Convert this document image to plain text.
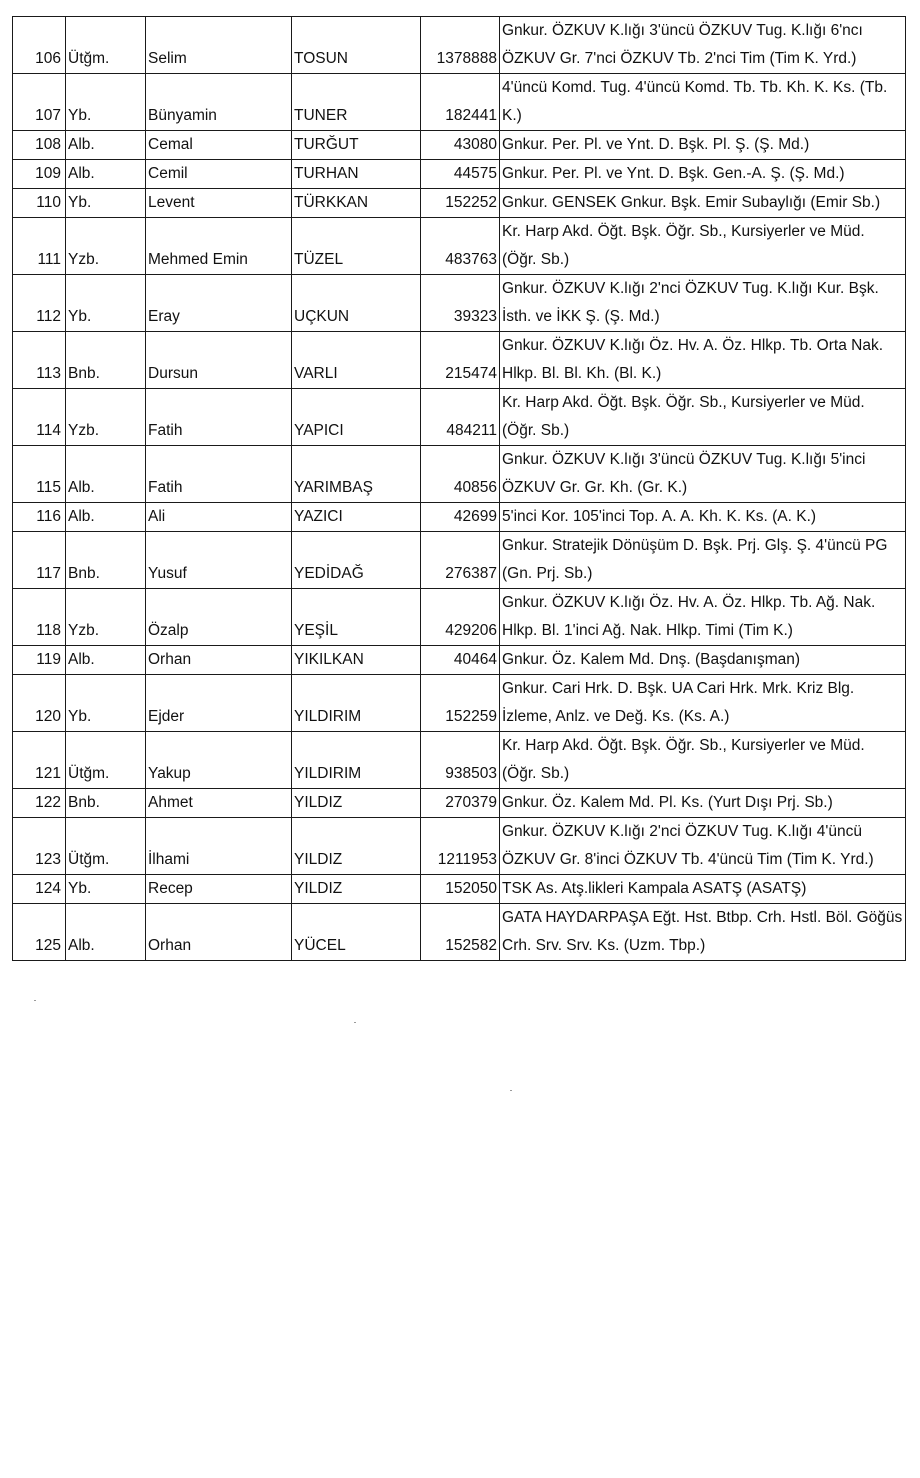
106	Ütğm.	Selim	TOSUN	1378888	Gnkur. ÖZKUV K.lığı 3'üncü ÖZKUV Tug. K.lığı 6'ncı ÖZKUV Gr. 7'nci ÖZKUV Tb. 2'nci Tim (Tim K. Yrd.)
107	Yb.	Bünyamin	TUNER	182441	4'üncü Komd. Tug. 4'üncü Komd. Tb. Tb. Kh. K. Ks. (Tb. K.)
108	Alb.	Cemal	TURĞUT	43080	Gnkur. Per. Pl. ve Ynt. D. Bşk. Pl. Ş. (Ş. Md.)
109	Alb.	Cemil	TURHAN	44575	Gnkur. Per. Pl. ve Ynt. D. Bşk. Gen.-A. Ş. (Ş. Md.)
110	Yb.	Levent	TÜRKKAN	152252	Gnkur. GENSEK Gnkur. Bşk. Emir Subaylığı (Emir Sb.)
111	Yzb.	Mehmed Emin	TÜZEL	483763	Kr. Harp Akd. Öğt. Bşk. Öğr. Sb., Kursiyerler ve Müd. (Öğr. Sb.)
112	Yb.	Eray	UÇKUN	39323	Gnkur. ÖZKUV K.lığı 2'nci ÖZKUV Tug. K.lığı Kur. Bşk. İsth. ve İKK Ş. (Ş. Md.)
113	Bnb.	Dursun	VARLI	215474	Gnkur. ÖZKUV K.lığı Öz. Hv. A. Öz. Hlkp. Tb. Orta Nak. Hlkp. Bl. Bl. Kh. (Bl. K.)
114	Yzb.	Fatih	YAPICI	484211	Kr. Harp Akd. Öğt. Bşk. Öğr. Sb., Kursiyerler ve Müd. (Öğr. Sb.)
115	Alb.	Fatih	YARIMBAŞ	40856	Gnkur. ÖZKUV K.lığı 3'üncü ÖZKUV Tug. K.lığı 5'inci ÖZKUV Gr. Gr. Kh. (Gr. K.)
116	Alb.	Ali	YAZICI	42699	5'inci Kor. 105'inci Top. A. A. Kh. K. Ks. (A. K.)
117	Bnb.	Yusuf	YEDİDAĞ	276387	Gnkur. Stratejik Dönüşüm D. Bşk. Prj. Glş. Ş. 4'üncü PG (Gn. Prj. Sb.)
118	Yzb.	Özalp	YEŞİL	429206	Gnkur. ÖZKUV K.lığı Öz. Hv. A. Öz. Hlkp. Tb. Ağ. Nak. Hlkp. Bl. 1'inci Ağ. Nak. Hlkp. Timi (Tim K.)
119	Alb.	Orhan	YIKILKAN	40464	Gnkur. Öz. Kalem Md. Dnş. (Başdanışman)
120	Yb.	Ejder	YILDIRIM	152259	Gnkur. Cari Hrk. D. Bşk. UA Cari Hrk. Mrk. Kriz Blg. İzleme, Anlz. ve Değ. Ks. (Ks. A.)
121	Ütğm.	Yakup	YILDIRIM	938503	Kr. Harp Akd. Öğt. Bşk. Öğr. Sb., Kursiyerler ve Müd. (Öğr. Sb.)
122	Bnb.	Ahmet	YILDIZ	270379	Gnkur. Öz. Kalem Md. Pl. Ks. (Yurt Dışı Prj. Sb.)
123	Ütğm.	İlhami	YILDIZ	1211953	Gnkur. ÖZKUV K.lığı 2'nci ÖZKUV Tug. K.lığı 4'üncü ÖZKUV Gr. 8'inci ÖZKUV Tb. 4'üncü Tim (Tim K. Yrd.)
124	Yb.	Recep	YILDIZ	152050	TSK As. Atş.likleri Kampala ASATŞ (ASATŞ)
125	Alb.	Orhan	YÜCEL	152582	GATA HAYDARPAŞA Eğt. Hst. Btbp. Crh. Hstl. Böl. Göğüs Crh. Srv. Srv. Ks. (Uzm. Tbp.)
